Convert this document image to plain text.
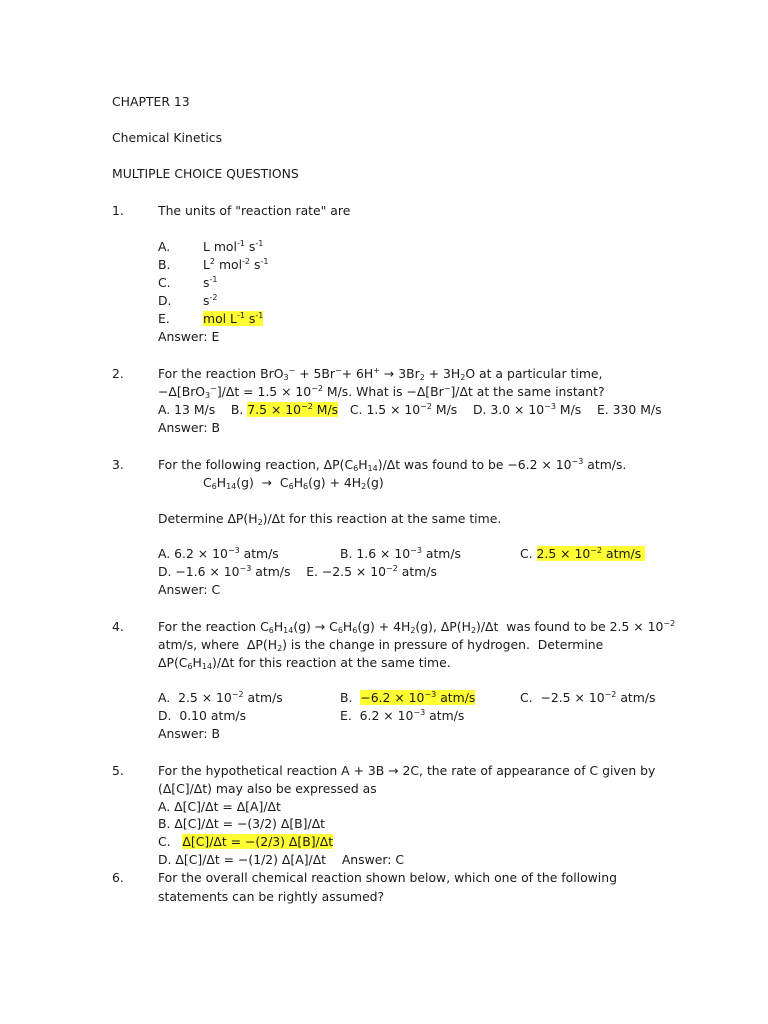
CHAPTER 13
Chemical Kinetics
MULTIPLE CHOICE QUESTIONS
1.	The units of "reaction rate" are
A.	L mol$^{-1}$ $s^{-1}$
B.	$L^2$ mol$^{-2}$ $s^{-1}$
C.	$s^{-1}$
D.	$s^{-2}$
E.	mol $L^{-1}$ $s^{-1}$
Answer: E
2.	For the reaction $BrO_3^- + 5Br^-+ 6H^+ \to 3Br_2 + 3H_2O$ at a particular time,
$-\Delta[BrO_3^-]/\Delta t = 1.5 \times 10^{-2}$ M/s. What is −Δ[Br−]/Δt at the same instant?
A. 13 M/s    B. $7.5 \times 10^{-2}$ M/s   C. $1.5 \times 10^{-2}$ M/s    D. $3.0 \times 10^{-3}$ M/s    E. 330 M/s
Answer: B
3.	For the following reaction, $\Delta P(C_6H_{14})/\Delta t$ was found to be $-6.2 \times 10^{-3}$ atm/s.
$C_6H_{14}(g) \to C_6H_6(g) + 4H_2(g)$
Determine $\Delta P(H_2)/\Delta t$ for this reaction at the same time.
A. $6.2 \times 10^{-3}$ atm/s	B. $1.6 \times 10^{-3}$ atm/s	C. $2.5 \times 10^{-2}$ atm/s
D. $-1.6 \times 10^{-3}$ atm/s    E. $-2.5 \times 10^{-2}$ atm/s
Answer: C
4.	For the reaction $C_6H_{14}(g) \to C_6H_6(g) + 4H_2(g)$, $\Delta P(H_2)/\Delta t$  was found to be $2.5 \times 10^{-2}$
atm/s, where  $\Delta P(H_2)$ is the change in pressure of hydrogen.  Determine
$\Delta P(C_6H_{14})/\Delta t$ for this reaction at the same time.
A.  $2.5 \times 10^{-2}$ atm/s	B.  $-6.2 \times 10^{-3}$ atm/s	C.  $-2.5 \times 10^{-2}$ atm/s
D.  0.10 atm/s	E.  $6.2 \times 10^{-3}$ atm/s
Answer: B
5.	For the hypothetical reaction A + 3B → 2C, the rate of appearance of C given by
(Δ[C]/Δt) may also be expressed as
A. Δ[C]/Δt = Δ[A]/Δt
B. Δ[C]/Δt = −(3/2) Δ[B]/Δt
C. Δ[C]/Δt = −(2/3) Δ[B]/Δt
D. Δ[C]/Δt = −(1/2) Δ[A]/Δt Answer: C
6.	For the overall chemical reaction shown below, which one of the following
statements can be rightly assumed?
